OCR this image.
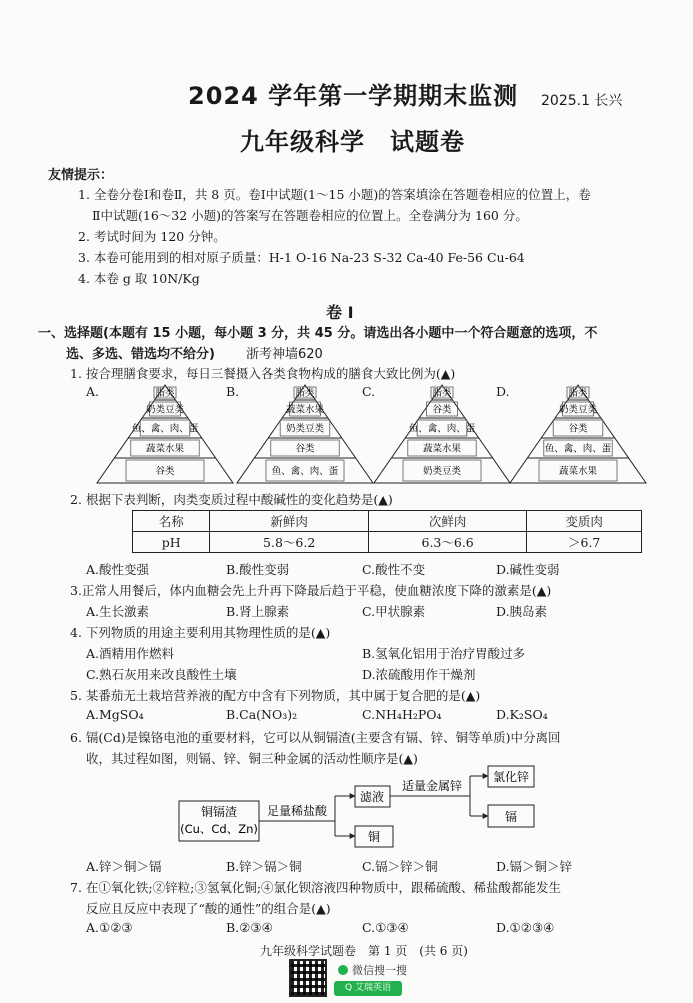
2024 学年第一学期期末监测 2025.1 长兴
九年级科学　试题卷
友情提示：
1. 全卷分卷Ⅰ和卷Ⅱ，共 8 页。卷Ⅰ中试题(1～15 小题)的答案填涂在答题卷相应的位置上，卷
Ⅱ中试题(16～32 小题)的答案写在答题卷相应的位置上。全卷满分为 160 分。
2. 考试时间为 120 分钟。
3. 本卷可能用到的相对原子质量：H-1 O-16 Na-23 S-32 Ca-40 Fe-56 Cu-64
4. 本卷 g 取 10N/Kg
卷 Ⅰ
一、选择题(本题有 15 小题，每小题 3 分，共 45 分。请选出各小题中一个符合题意的选项，不
选、多选、错选均不给分) 浙考神墙620
1. 按合理膳食要求，每日三餐摄入各类食物构成的膳食大致比例为(▲)
A.	B.	C.	D.
脂类
奶类豆类
鱼、禽、肉、蛋
蔬菜水果
谷类
脂类
蔬菜水果
奶类豆类
谷类
鱼、禽、肉、蛋
脂类
谷类
鱼、禽、肉、蛋
蔬菜水果
奶类豆类
脂类
奶类豆类
谷类
鱼、禽、肉、蛋
蔬菜水果
2. 根据下表判断，肉类变质过程中酸碱性的变化趋势是(▲)
名称	新鲜肉	次鲜肉	变质肉
pH	5.8～6.2	6.3～6.6	＞6.7
A.酸性变强	B.酸性变弱	C.酸性不变	D.碱性变弱
3.正常人用餐后，体内血糖会先上升再下降最后趋于平稳，使血糖浓度下降的激素是(▲)
A.生长激素	B.肾上腺素	C.甲状腺素	D.胰岛素
4. 下列物质的用途主要利用其物理性质的是(▲)
A.酒精用作燃料	B.氢氧化铝用于治疗胃酸过多
C.熟石灰用来改良酸性土壤	D.浓硫酸用作干燥剂
5. 某番茄无土栽培营养液的配方中含有下列物质，其中属于复合肥的是(▲)
A.MgSO₄	B.Ca(NO₃)₂	C.NH₄H₂PO₄	D.K₂SO₄
6. 镉(Cd)是镍铬电池的重要材料，它可以从铜镉渣(主要含有镉、锌、铜等单质)中分离回
收，其过程如图，则镉、锌、铜三种金属的活动性顺序是(▲)
铜镉渣
(Cu、Cd、Zn)
足量稀盐酸
滤液
铜
适量金属锌
氯化锌
镉
A.锌＞铜＞镉	B.锌＞镉＞铜	C.镉＞锌＞铜	D.镉＞铜＞锌
7. 在①氧化铁;②锌粒;③氢氧化铜;④氯化钡溶液四种物质中，跟稀硫酸、稀盐酸都能发生
反应且反应中表现了“酸的通性”的组合是(▲)
A.①②③	B.②③④	C.①③④	D.①②③④
九年级科学试题卷　第 1 页　(共 6 页)
微信搜一搜
Q 艾瑞英语
